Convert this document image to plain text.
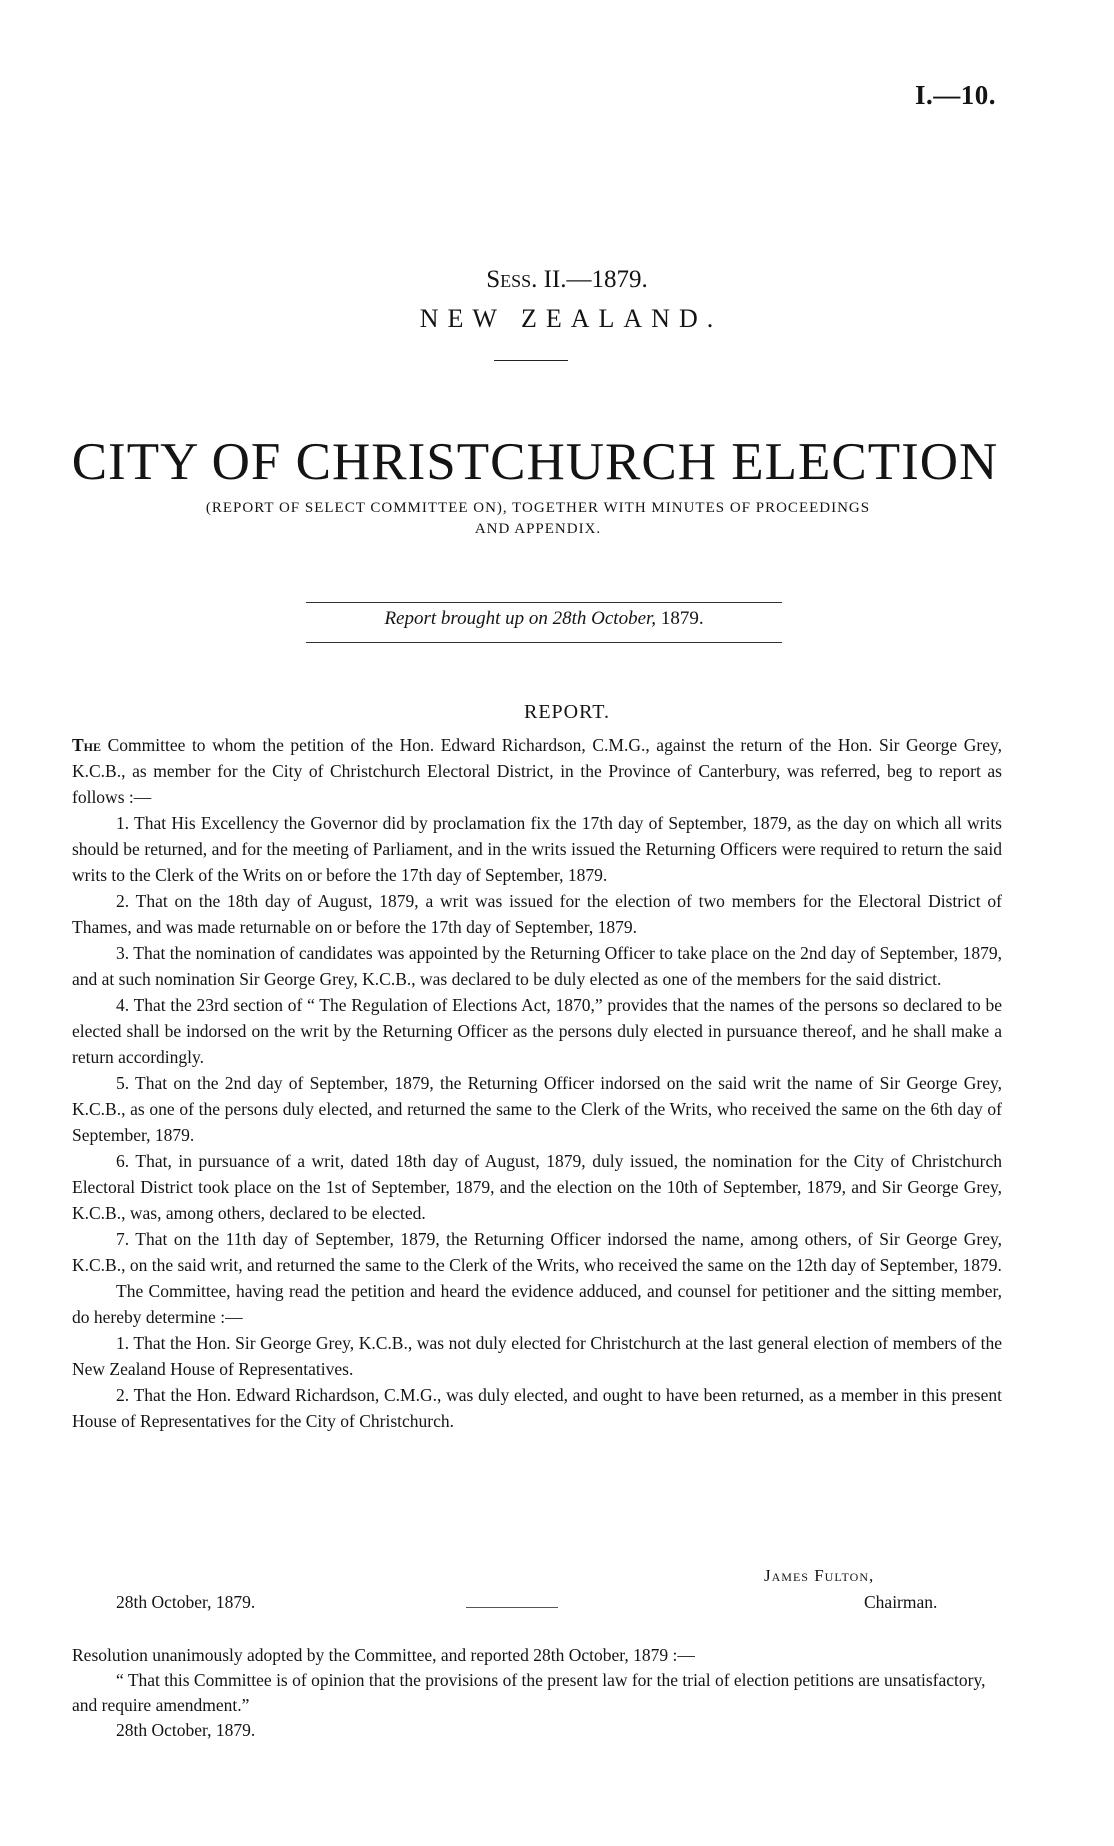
I.—10.
Sess. II.—1879.
NEW ZEALAND.
CITY OF CHRISTCHURCH ELECTION
(REPORT OF SELECT COMMITTEE ON), TOGETHER WITH MINUTES OF PROCEEDINGS
AND APPENDIX.
Report brought up on 28th October, 1879.
REPORT.

The Committee to whom the petition of the Hon. Edward Richardson, C.M.G., against the return of the Hon. Sir George Grey, K.C.B., as member for the City of Christchurch Electoral District, in the Province of Canterbury, was referred, beg to report as follows :—

1. That His Excellency the Governor did by proclamation fix the 17th day of September, 1879, as the day on which all writs should be returned, and for the meeting of Parliament, and in the writs issued the Returning Officers were required to return the said writs to the Clerk of the Writs on or before the 17th day of September, 1879.

2. That on the 18th day of August, 1879, a writ was issued for the election of two members for the Electoral District of Thames, and was made returnable on or before the 17th day of September, 1879.

3. That the nomination of candidates was appointed by the Returning Officer to take place on the 2nd day of September, 1879, and at such nomination Sir George Grey, K.C.B., was declared to be duly elected as one of the members for the said district.

4. That the 23rd section of “ The Regulation of Elections Act, 1870,” provides that the names of the persons so declared to be elected shall be indorsed on the writ by the Returning Officer as the persons duly elected in pursuance thereof, and he shall make a return accordingly.

5. That on the 2nd day of September, 1879, the Returning Officer indorsed on the said writ the name of Sir George Grey, K.C.B., as one of the persons duly elected, and returned the same to the Clerk of the Writs, who received the same on the 6th day of September, 1879.

6. That, in pursuance of a writ, dated 18th day of August, 1879, duly issued, the nomination for the City of Christchurch Electoral District took place on the 1st of September, 1879, and the election on the 10th of September, 1879, and Sir George Grey, K.C.B., was, among others, declared to be elected.

7. That on the 11th day of September, 1879, the Returning Officer indorsed the name, among others, of Sir George Grey, K.C.B., on the said writ, and returned the same to the Clerk of the Writs, who received the same on the 12th day of September, 1879.

The Committee, having read the petition and heard the evidence adduced, and counsel for petitioner and the sitting member, do hereby determine :—

1. That the Hon. Sir George Grey, K.C.B., was not duly elected for Christchurch at the last general election of members of the New Zealand House of Representatives.

2. That the Hon. Edward Richardson, C.M.G., was duly elected, and ought to have been returned, as a member in this present House of Representatives for the City of Christchurch.

James Fulton,
28th October, 1879.	Chairman.

Resolution unanimously adopted by the Committee, and reported 28th October, 1879 :—

“ That this Committee is of opinion that the provisions of the present law for the trial of election petitions are unsatisfactory, and require amendment.”

28th October, 1879.
